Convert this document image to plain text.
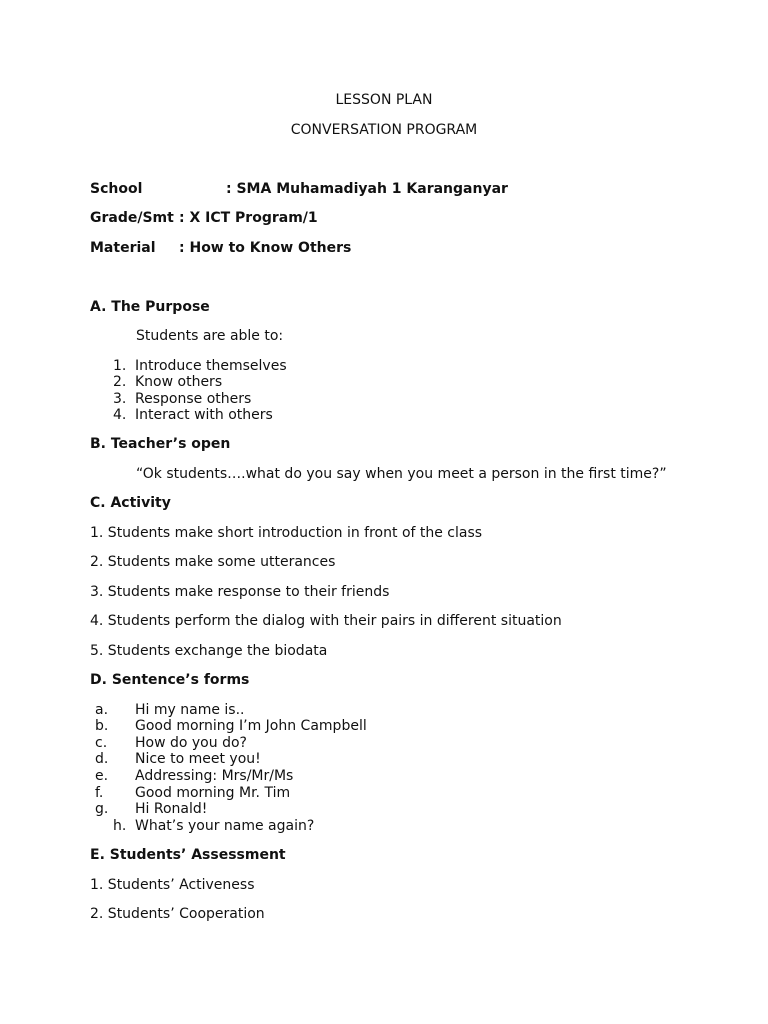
LESSON PLAN

CONVERSATION PROGRAM

School	: SMA Muhamadiyah 1 Karanganyar

Grade/Smt : X ICT Program/1

Material : How to Know Others

A. The Purpose

Students are able to:

1. Introduce themselves

2. Know others

3. Response others

4. Interact with others

B. Teacher’s open

“Ok students….what do you say when you meet a person in the first time?”

C. Activity

1. Students make short introduction in front of the class

2. Students make some utterances

3. Students make response to their friends

4. Students perform the dialog with their pairs in different situation

5. Students exchange the biodata

D. Sentence’s forms

a. Hi my name is..

b. Good morning I’m John Campbell

c. How do you do?

d. Nice to meet you!

e. Addressing: Mrs/Mr/Ms

f. Good morning Mr. Tim

g. Hi Ronald!

h. What’s your name again?

E. Students’ Assessment

1. Students’ Activeness

2. Students’ Cooperation
